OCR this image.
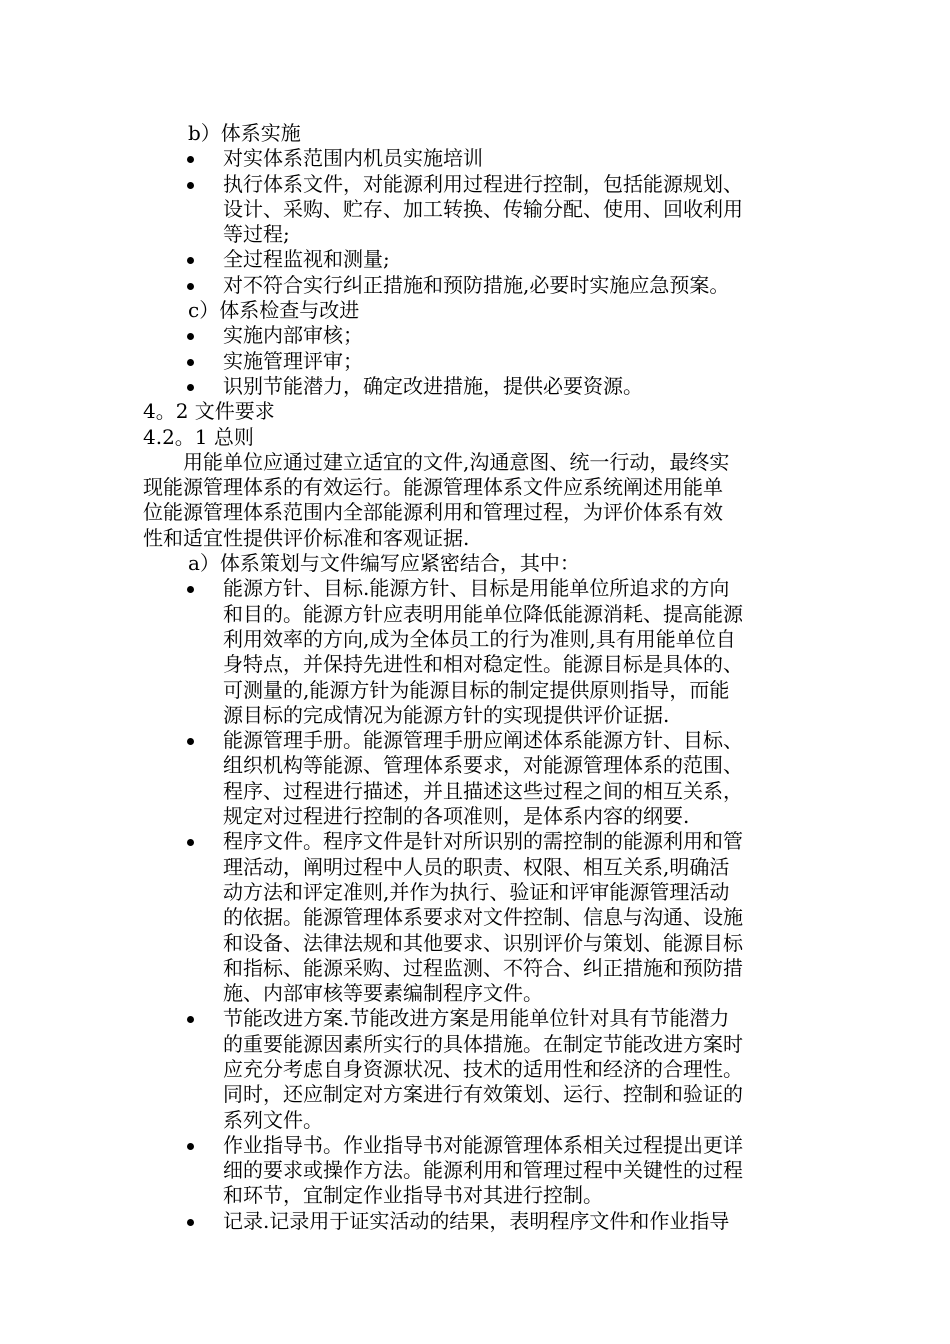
b）体系实施
对实体系范围内机员实施培训
执行体系文件，对能源利用过程进行控制，包括能源规划、
设计、采购、贮存、加工转换、传输分配、使用、回收利用
等过程;
全过程监视和测量;
对不符合实行纠正措施和预防措施,必要时实施应急预案。
c）体系检查与改进
实施内部审核；
实施管理评审；
识别节能潜力，确定改进措施，提供必要资源。
4。2 文件要求
4.2。1 总则
　　用能单位应通过建立适宜的文件,沟通意图、统一行动，最终实
现能源管理体系的有效运行。能源管理体系文件应系统阐述用能单
位能源管理体系范围内全部能源利用和管理过程，为评价体系有效
性和适宜性提供评价标准和客观证据.
a）体系策划与文件编写应紧密结合，其中：
能源方针、目标.能源方针、目标是用能单位所追求的方向
和目的。能源方针应表明用能单位降低能源消耗、提高能源
利用效率的方向,成为全体员工的行为准则,具有用能单位自
身特点，并保持先进性和相对稳定性。能源目标是具体的、
可测量的,能源方针为能源目标的制定提供原则指导，而能
源目标的完成情况为能源方针的实现提供评价证据.
能源管理手册。能源管理手册应阐述体系能源方针、目标、
组织机构等能源、管理体系要求，对能源管理体系的范围、
程序、过程进行描述，并且描述这些过程之间的相互关系，
规定对过程进行控制的各项准则，是体系内容的纲要.
程序文件。程序文件是针对所识别的需控制的能源利用和管
理活动，阐明过程中人员的职责、权限、相互关系,明确活
动方法和评定准则,并作为执行、验证和评审能源管理活动
的依据。能源管理体系要求对文件控制、信息与沟通、设施
和设备、法律法规和其他要求、识别评价与策划、能源目标
和指标、能源采购、过程监测、不符合、纠正措施和预防措
施、内部审核等要素编制程序文件。
节能改进方案.节能改进方案是用能单位针对具有节能潜力
的重要能源因素所实行的具体措施。在制定节能改进方案时
应充分考虑自身资源状况、技术的适用性和经济的合理性。
同时，还应制定对方案进行有效策划、运行、控制和验证的
系列文件。
作业指导书。作业指导书对能源管理体系相关过程提出更详
细的要求或操作方法。能源利用和管理过程中关键性的过程
和环节，宜制定作业指导书对其进行控制。
记录.记录用于证实活动的结果，表明程序文件和作业指导
